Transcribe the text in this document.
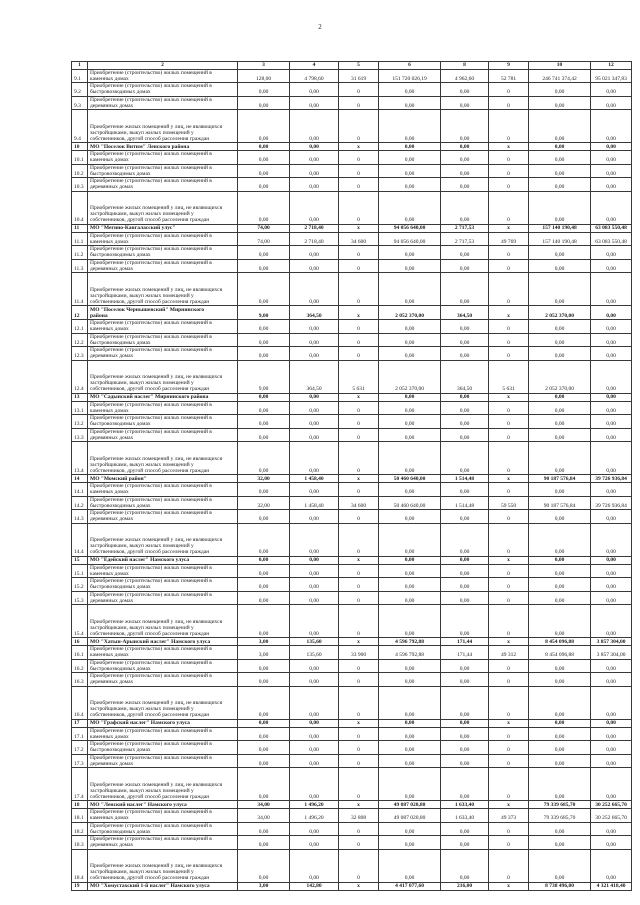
2
1	2	3	4	5	6	8	9	10	12
9.1	Приобретение (строительство) жилых помещений в
каменных домах	128,00	4 798,60	31 619	151 720 026,19	4 962,60	52 781	246 741 374,42	95 021 347,83
9.2	Приобретение (строительство) жилых помещений в
быстровозводимых домах	0,00	0,00	0	0,00	0,00	0	0,00	0,00
9.3	Приобретение (строительство) жилых помещений в
деревянных домах	0,00	0,00	0	0,00	0,00	0	0,00	0,00
9.4	Приобретение жилых помещений у лиц, не являющихся
застройщиками, выкуп жилых помещений у
собственников, другой способ расселения граждан	0,00	0,00	0	0,00	0,00	0	0,00	0,00
10	МО "Поселок Витим" Ленского района	0,00	0,00	x	0,00	0,00	x	0,00	0,00
10.1	Приобретение (строительство) жилых помещений в
каменных домах	0,00	0,00	0	0,00	0,00	0	0,00	0,00
10.2	Приобретение (строительство) жилых помещений в
быстровозводимых домах	0,00	0,00	0	0,00	0,00	0	0,00	0,00
10.3	Приобретение (строительство) жилых помещений в
деревянных домах	0,00	0,00	0	0,00	0,00	0	0,00	0,00
10.4	Приобретение жилых помещений у лиц, не являющихся
застройщиками, выкуп жилых помещений у
собственников, другой способ расселения граждан	0,00	0,00	0	0,00	0,00	0	0,00	0,00
11	МО "Мегино-Кангаласский улус"	74,00	2 718,40	x	94 056 640,00	2 717,53	x	157 140 190,48	63 083 550,48
11.1	Приобретение (строительство) жилых помещений в
каменных домах	74,00	2 718,40	34 600	94 056 640,00	2 717,53	49 769	157 140 190,48	63 083 550,48
11.2	Приобретение (строительство) жилых помещений в
быстровозводимых домах	0,00	0,00	0	0,00	0,00	0	0,00	0,00
11.3	Приобретение (строительство) жилых помещений в
деревянных домах	0,00	0,00	0	0,00	0,00	0	0,00	0,00
11.4	Приобретение жилых помещений у лиц, не являющихся
застройщиками, выкуп жилых помещений у
собственников, другой способ расселения граждан	0,00	0,00	0	0,00	0,00	0	0,00	0,00
12	МО "Поселок Чернышевский" Мирнинского
района	9,00	364,50	x	2 052 370,00	364,50	x	2 052 370,00	0,00
12.1	Приобретение (строительство) жилых помещений в
каменных домах	0,00	0,00	0	0,00	0,00	0	0,00	0,00
12.2	Приобретение (строительство) жилых помещений в
быстровозводимых домах	0,00	0,00	0	0,00	0,00	0	0,00	0,00
12.3	Приобретение (строительство) жилых помещений в
деревянных домах	0,00	0,00	0	0,00	0,00	0	0,00	0,00
12.4	Приобретение жилых помещений у лиц, не являющихся
застройщиками, выкуп жилых помещений у
собственников, другой способ расселения граждан	9,00	364,50	5 631	2 052 370,00	364,50	5 631	2 052 370,00	0,00
13	МО "Садынский наслег" Мирнинского района	0,00	0,00	x	0,00	0,00	x	0,00	0,00
13.1	Приобретение (строительство) жилых помещений в
каменных домах	0,00	0,00	0	0,00	0,00	0	0,00	0,00
13.2	Приобретение (строительство) жилых помещений в
быстровозводимых домах	0,00	0,00	0	0,00	0,00	0	0,00	0,00
13.3	Приобретение (строительство) жилых помещений в
деревянных домах	0,00	0,00	0	0,00	0,00	0	0,00	0,00
13.4	Приобретение жилых помещений у лиц, не являющихся
застройщиками, выкуп жилых помещений у
собственников, другой способ расселения граждан	0,00	0,00	0	0,00	0,00	0	0,00	0,00
14	МО "Момский район"	32,00	1 458,40	x	50 460 640,00	1 514,48	x	90 187 576,84	39 726 936,84
14.1	Приобретение (строительство) жилых помещений в
каменных домах	0,00	0,00	0	0,00	0,00	0	0,00	0,00
14.2	Приобретение (строительство) жилых помещений в
быстровозводимых домах	32,00	1 458,40	34 600	50 460 640,00	1 514,48	59 550	90 187 576,84	39 726 936,84
14.3	Приобретение (строительство) жилых помещений в
деревянных домах	0,00	0,00	0	0,00	0,00	0	0,00	0,00
14.4	Приобретение жилых помещений у лиц, не являющихся
застройщиками, выкуп жилых помещений у
собственников, другой способ расселения граждан	0,00	0,00	0	0,00	0,00	0	0,00	0,00
15	МО "Едейский наслег" Намского улуса	0,00	0,00	x	0,00	0,00	x	0,00	0,00
15.1	Приобретение (строительство) жилых помещений в
каменных домах	0,00	0,00	0	0,00	0,00	0	0,00	0,00
15.2	Приобретение (строительство) жилых помещений в
быстровозводимых домах	0,00	0,00	0	0,00	0,00	0	0,00	0,00
15.3	Приобретение (строительство) жилых помещений в
деревянных домах	0,00	0,00	0	0,00	0,00	0	0,00	0,00
15.4	Приобретение жилых помещений у лиц, не являющихся
застройщиками, выкуп жилых помещений у
собственников, другой способ расселения граждан	0,00	0,00	0	0,00	0,00	0	0,00	0,00
16	МО "Хатын-Арынский наслег" Намского улуса	3,00	135,60	x	4 596 792,88	171,44	x	8 454 096,88	3 857 304,00
16.1	Приобретение (строительство) жилых помещений в
каменных домах	3,00	135,60	33 900	4 596 792,88	171,44	49 312	8 454 096,88	3 857 304,00
16.2	Приобретение (строительство) жилых помещений в
быстровозводимых домах	0,00	0,00	0	0,00	0,00	0	0,00	0,00
16.3	Приобретение (строительство) жилых помещений в
деревянных домах	0,00	0,00	0	0,00	0,00	0	0,00	0,00
16.4	Приобретение жилых помещений у лиц, не являющихся
застройщиками, выкуп жилых помещений у
собственников, другой способ расселения граждан	0,00	0,00	0	0,00	0,00	0	0,00	0,00
17	МО "Графский наслег" Намского улуса	0,00	0,00	x	0,00	0,00	x	0,00	0,00
17.1	Приобретение (строительство) жилых помещений в
каменных домах	0,00	0,00	0	0,00	0,00	0	0,00	0,00
17.2	Приобретение (строительство) жилых помещений в
быстровозводимых домах	0,00	0,00	0	0,00	0,00	0	0,00	0,00
17.3	Приобретение (строительство) жилых помещений в
деревянных домах	0,00	0,00	0	0,00	0,00	0	0,00	0,00
17.4	Приобретение жилых помещений у лиц, не являющихся
застройщиками, выкуп жилых помещений у
собственников, другой способ расселения граждан	0,00	0,00	0	0,00	0,00	0	0,00	0,00
18	МО "Ленский наслег" Намского улуса	34,00	1 496,20	x	49 087 020,80	1 633,40	x	79 339 685,70	30 252 665,70
18.1	Приобретение (строительство) жилых помещений в
каменных домах	34,00	1 496,20	32 808	49 087 020,80	1 633,40	49 373	79 339 685,70	30 252 665,70
18.2	Приобретение (строительство) жилых помещений в
быстровозводимых домах	0,00	0,00	0	0,00	0,00	0	0,00	0,00
18.3	Приобретение (строительство) жилых помещений в
деревянных домах	0,00	0,00	0	0,00	0,00	0	0,00	0,00
18.4	Приобретение жилых помещений у лиц, не являющихся
застройщиками, выкуп жилых помещений у
собственников, другой способ расселения граждан	0,00	0,00	0	0,00	0,00	0	0,00	0,00
19	МО "Хомустахский 1-й наслег" Намского улуса	3,00	142,80	x	4 417 077,60	216,00	x	8 738 496,00	4 321 418,40
